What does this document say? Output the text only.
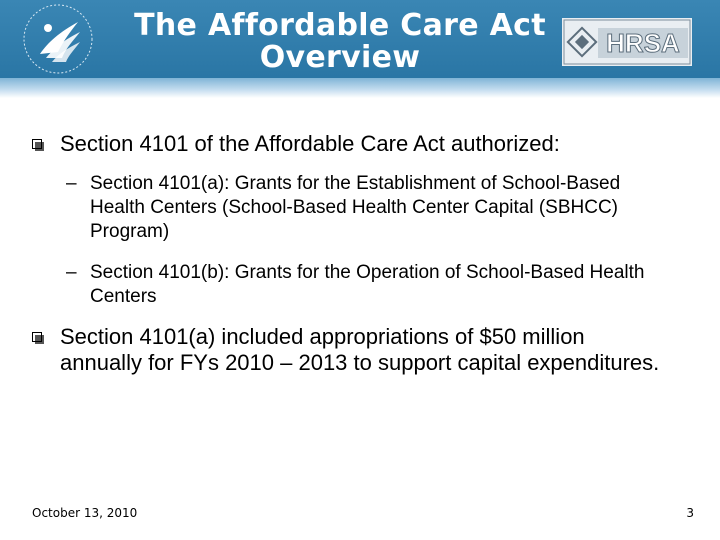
The Affordable Care Act
Overview	HRSA
Section 4101 of the Affordable Care Act authorized:
– Section 4101(a): Grants for the Establishment of School-Based Health Centers (School-Based Health Center Capital (SBHCC) Program)
– Section 4101(b): Grants for the Operation of School-Based Health Centers
Section 4101(a) included appropriations of $50 million annually for FYs 2010 – 2013 to support capital expenditures.
October 13, 2010	3
